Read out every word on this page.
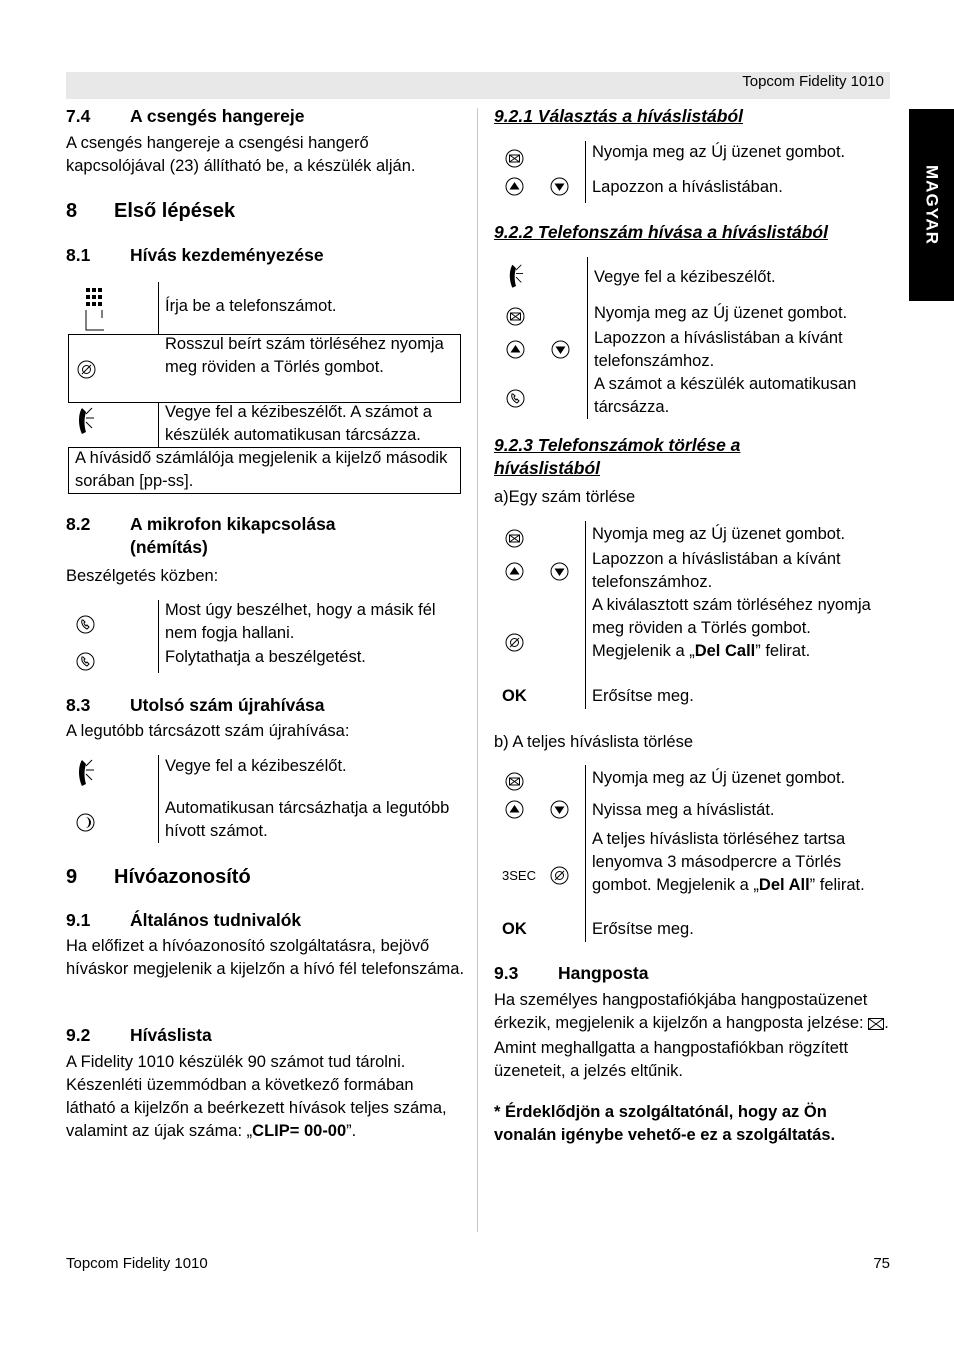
Topcom Fidelity 1010
MAGYAR
7.4 A csengés hangereje
A csengés hangereje a csengési hangerő kapcsolójával (23) állítható be, a készülék alján.
8 Első lépések
8.1 Hívás kezdeményezése
Írja be a telefonszámot.
Rosszul beírt szám törléséhez nyomja meg röviden a Törlés gombot.
Vegye fel a kézibeszélőt. A számot a készülék automatikusan tárcsázza.
A hívásidő számlálója megjelenik a kijelző második sorában [pp-ss].
8.2 A mikrofon kikapcsolása (némítás)
Beszélgetés közben:
Most úgy beszélhet, hogy a másik fél nem fogja hallani.
Folytathatja a beszélgetést.
8.3 Utolsó szám újrahívása
A legutóbb tárcsázott szám újrahívása:
Vegye fel a kézibeszélőt.
Automatikusan tárcsázhatja a legutóbb hívott számot.
9 Hívóazonosító
9.1 Általános tudnivalók
Ha előfizet a hívóazonosító szolgáltatásra, bejövő híváskor megjelenik a kijelzőn a hívó fél telefonszáma.
9.2 Híváslista
A Fidelity 1010 készülék 90 számot tud tárolni. Készenléti üzemmódban a következő formában látható a kijelzőn a beérkezett hívások teljes száma, valamint az újak száma: „CLIP= 00-00”.
9.2.1 Választás a híváslistából
Nyomja meg az Új üzenet gombot.
Lapozzon a híváslistában.
9.2.2 Telefonszám hívása a híváslistából
Vegye fel a kézibeszélőt.
Nyomja meg az Új üzenet gombot.
Lapozzon a híváslistában a kívánt telefonszámhoz.
A számot a készülék automatikusan tárcsázza.
9.2.3 Telefonszámok törlése a híváslistából
a)Egy szám törlése
OK
Nyomja meg az Új üzenet gombot.
Lapozzon a híváslistában a kívánt telefonszámhoz.
A kiválasztott szám törléséhez nyomja meg röviden a Törlés gombot. Megjelenik a „Del Call” felirat.
Erősítse meg.
b) A teljes híváslista törlése
3SEC
OK
Nyomja meg az Új üzenet gombot.
Nyissa meg a híváslistát.
A teljes híváslista törléséhez tartsa lenyomva 3 másodpercre a Törlés gombot. Megjelenik a „Del All” felirat.
Erősítse meg.
9.3 Hangposta
Ha személyes hangpostafiókjába hangpostaüzenet érkezik, megjelenik a kijelzőn a hangposta jelzése: . Amint meghallgatta a hangpostafiókban rögzített üzeneteit, a jelzés eltűnik.
* Érdeklődjön a szolgáltatónál, hogy az Ön vonalán igénybe vehető-e ez a szolgáltatás.
Topcom Fidelity 1010	75
